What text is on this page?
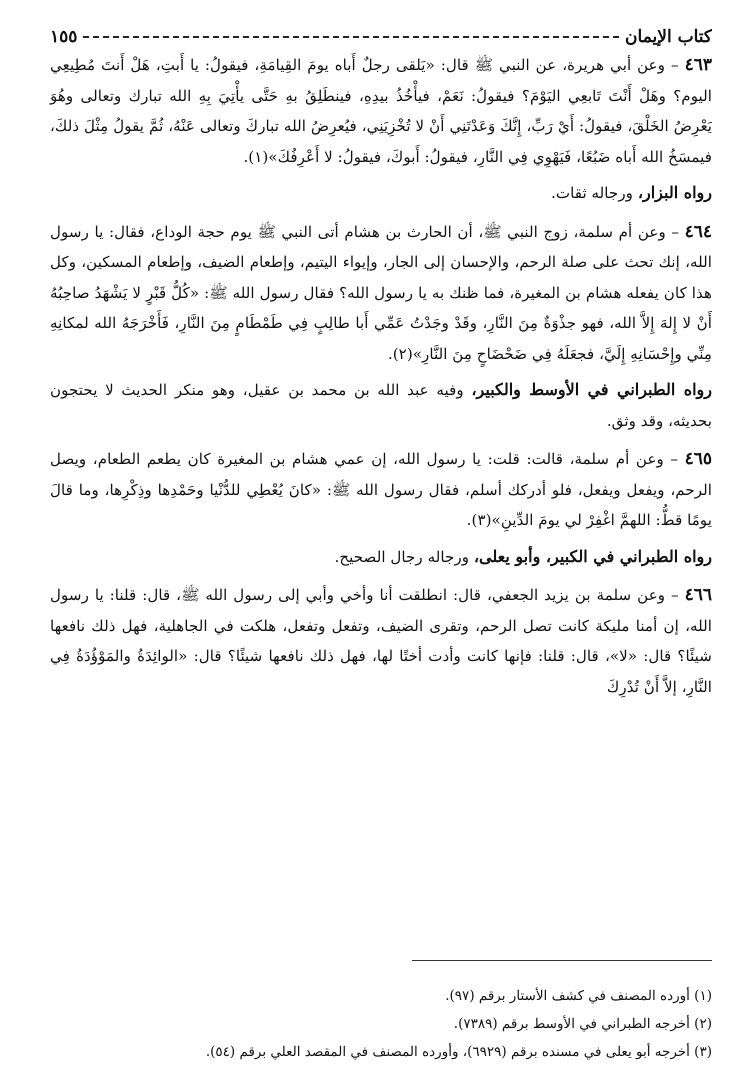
كتاب الإيمان
١٥٥

٤٦٣ – وعن أبي هريرة، عن النبي ﷺ قال: «يَلقى رجلٌ أَباه يومَ القِيامَةِ، فيقولُ: يا أَبتِ، هَلْ أَنتَ مُطِيعِي اليوم؟ وهَلْ أَنْتَ تَابعِي اليَوْمَ؟ فيقولُ: نَعَمْ، فيأْخُذُ بيدِهِ، فينطَلِقُ بهِ حَتَّى يأْتِيَ بِهِ الله تبارك وتعالى وهُوَ يَعْرِضُ الخَلْقَ، فيقولُ: أَيْ رَبِّ، إِنَّكَ وَعَدْتَنِي أَنْ لا تُخْزِيَنِي، فيُعرِضُ الله تباركَ وتعالى عَنْهُ، ثُمَّ يقولُ مِثْلَ ذلكَ، فيمسَخُ الله أَباه ضَبُعًا، فَيَهْوِي فِي النَّارِ، فيقولُ: أَبوكَ، فيقولُ: لا أَعْرِفُكَ»(١).

رواه البزار، ورجاله ثقات.

٤٦٤ – وعن أم سلمة، زوج النبي ﷺ، أن الحارث بن هشام أتى النبي ﷺ يوم حجة الوداع، فقال: يا رسول الله، إنك تحث على صلة الرحم، والإحسان إلى الجار، وإيواء اليتيم، وإطعام الضيف، وإطعام المسكين، وكل هذا كان يفعله هشام بن المغيرة، فما ظنك به يا رسول الله؟ فقال رسول الله ﷺ: «كُلُّ قَبْرٍ لا يَشْهَدُ صاحِبُهُ أَنْ لا إِلهَ إِلاَّ الله، فهو جذْوَةٌ مِنَ النَّارِ، وقَدْ وجَدْتُ عَمِّي أَبا طالِبٍ فِي طَمْطَامٍ مِنَ النَّارِ، فَأَخْرَجَهُ الله لمكانِهِ مِنِّي وإِحْسَانِهِ إِلَيَّ، فجعَلَهُ فِي ضَحْضَاحٍ مِنَ النَّارِ»(٢).

رواه الطبراني في الأوسط والكبير، وفيه عبد الله بن محمد بن عقيل، وهو منكر الحديث لا يحتجون بحديثه، وقد وثق.

٤٦٥ – وعن أم سلمة، قالت: قلت: يا رسول الله، إن عمي هشام بن المغيرة كان يطعم الطعام، ويصل الرحم، ويفعل ويفعل، فلو أدركك أسلم، فقال رسول الله ﷺ: «كانَ يُعْطِي للدُّنْيا وحَمْدِها وذِكْرِها، وما قالَ يومًا قطُّ: اللهمَّ اغْفِرْ لي يومَ الدِّينِ»(٣).

رواه الطبراني في الكبير، وأبو يعلى، ورجاله رجال الصحيح.

٤٦٦ – وعن سلمة بن يزيد الجعفي، قال: انطلقت أنا وأخي وأبي إلى رسول الله ﷺ، قال: قلنا: يا رسول الله، إن أمنا مليكة كانت تصل الرحم، وتقرى الضيف، وتفعل وتفعل، هلكت في الجاهلية، فهل ذلك نافعها شيئًا؟ قال: «لا»، قال: قلنا: فإنها كانت وأدت أختًا لها، فهل ذلك نافعها شيئًا؟ قال: «الوائِدَةُ والمَوْؤُدَةُ فِي النَّارِ، إلاَّ أَنْ تُدْرِكَ

(١) أورده المصنف في كشف الأستار برقم (٩٧).
(٢) أخرجه الطبراني في الأوسط برقم (٧٣٨٩).
(٣) أخرجه أبو يعلى في مسنده برقم (٦٩٢٩)، وأورده المصنف في المقصد العلي برقم (٥٤).
